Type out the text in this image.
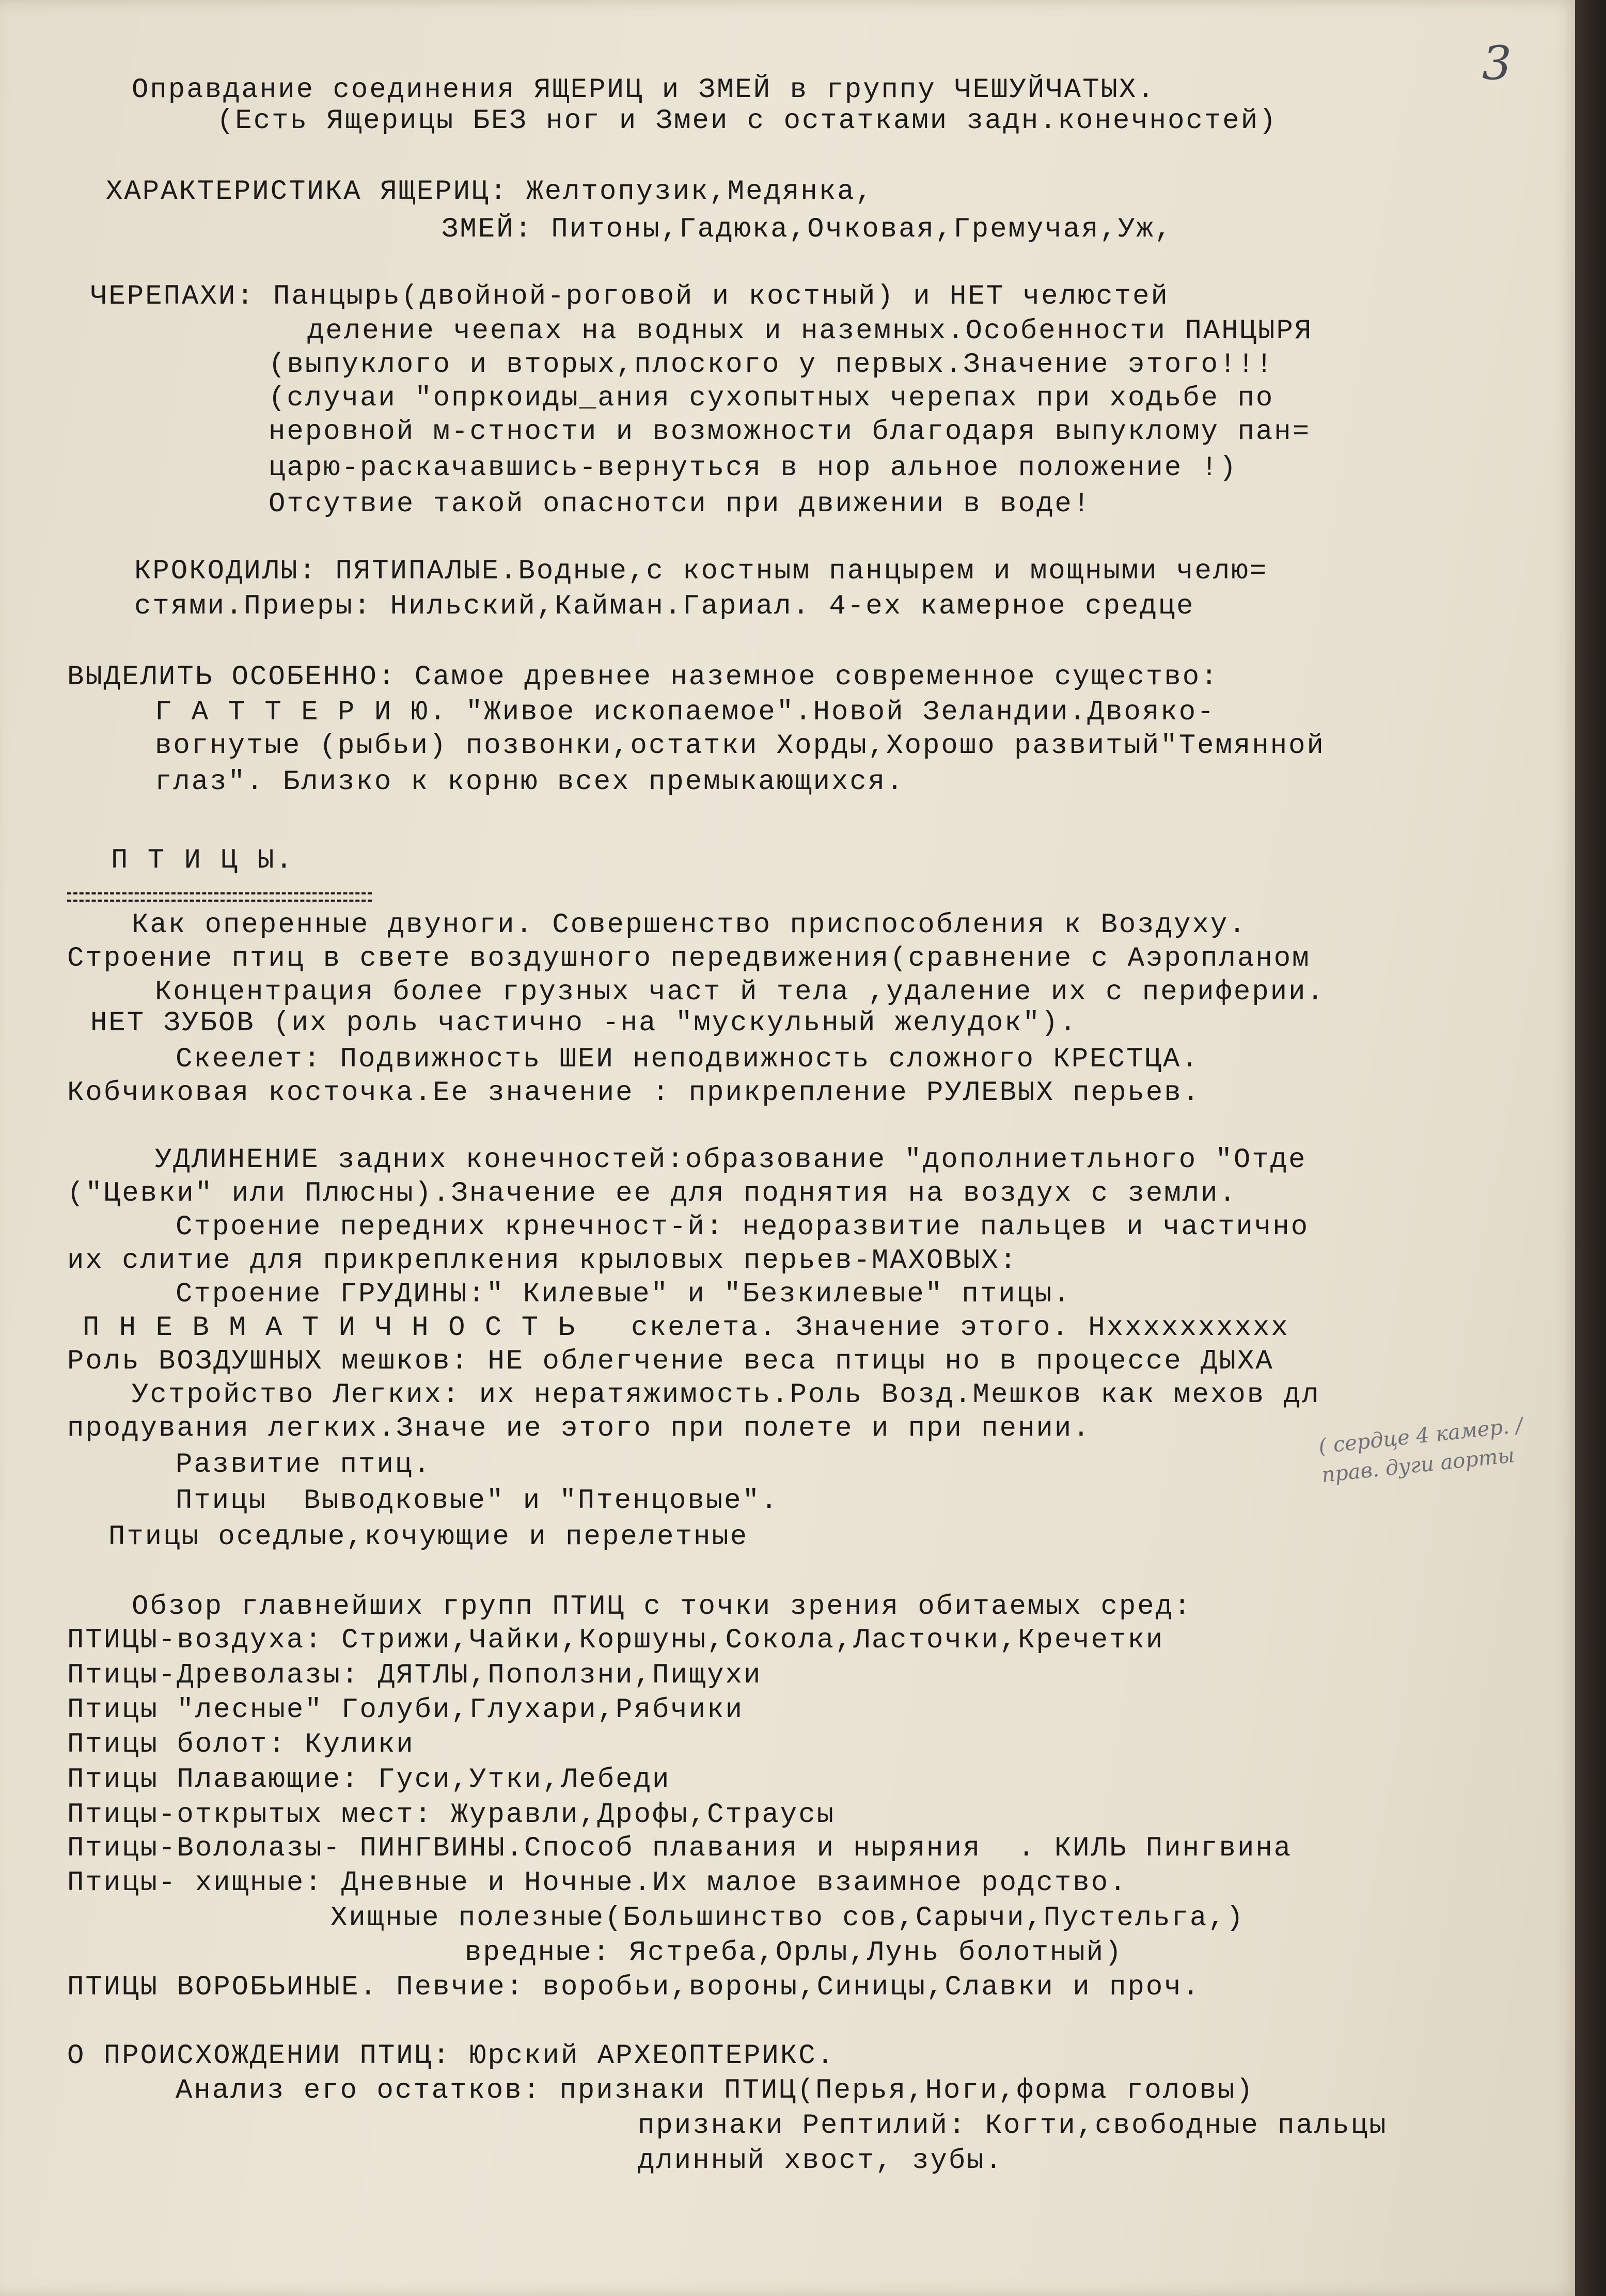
3
Оправдание соединения ЯЩЕРИЦ и ЗМЕЙ в группу ЧЕШУЙЧАТЫХ.
(Есть Ящерицы БЕЗ ног и Змеи с остатками задн.конечностей)
ХАРАКТЕРИСТИКА ЯЩЕРИЦ: Желтопузик,Медянка,
ЗМЕЙ: Питоны,Гадюка,Очковая,Гремучая,Уж,
ЧЕРЕПАХИ: Панцырь(двойной-роговой и костный) и НЕТ челюстей
деление чеепах на водных и наземных.Особенности ПАНЦЫРЯ
(выпуклого и вторых,плоского у первых.Значение этого!!!
(случаи "опркоиды_ания сухопытных черепах при ходьбе по
неровной м-стности и возможности благодаря выпуклому пан=
царю-раскачавшись-вернуться в нор альное положение !)
Отсутвие такой опаснотси при движении в воде!
КРОКОДИЛЫ: ПЯТИПАЛЫЕ.Водные,с костным панцырем и мощными челю=
стями.Приеры: Нильский,Кайман.Гариал. 4-ех камерное средце
ВЫДЕЛИТЬ ОСОБЕННО: Самое древнее наземное современное существо:
Г А Т Т Е Р И Ю. "Живое ископаемое".Новой Зеландии.Двояко-
вогнутые (рыбьи) позвонки,остатки Хорды,Хорошо развитый"Темянной
глаз". Близко к корню всех премыкающихся.
П Т И Ц Ы.
Как оперенные двуноги. Совершенство приспособления к Воздуху.
Строение птиц в свете воздушного передвижения(сравнение с Аэропланом
Концентрация более грузных част й тела ,удаление их с периферии.
НЕТ ЗУБОВ (их роль частично -на "мускульный желудок").
Скеелет: Подвижность ШЕИ неподвижность сложного КРЕСТЦА.
Кобчиковая косточка.Ее значение : прикрепление РУЛЕВЫХ перьев.
УДЛИНЕНИЕ задних конечностей:образование "дополниетльного "Отде
("Цевки" или Плюсны).Значение ее для поднятия на воздух с земли.
Строение передних крнечност-й: недоразвитие пальцев и частично
их слитие для прикреплкения крыловых перьев-МАХОВЫХ:
Строение ГРУДИНЫ:" Килевые" и "Безкилевые" птицы.
П Н Е В М А Т И Ч Н О С Т Ь   скелета. Значение этого. Нхххххххххх
Роль ВОЗДУШНЫХ мешков: НЕ облегчение веса птицы но в процессе ДЫХА
Устройство Легких: их нератяжимость.Роль Возд.Мешков как мехов дл
продувания легких.Значе ие этого при полете и при пении.
Развитие птиц.
Птицы  Выводковые" и "Птенцовые".
Птицы оседлые,кочующие и перелетные
Обзор главнейших групп ПТИЦ с точки зрения обитаемых сред:
ПТИЦЫ-воздуха: Стрижи,Чайки,Коршуны,Сокола,Ласточки,Кречетки
Птицы-Древолазы: ДЯТЛЫ,Поползни,Пищухи
Птицы "лесные" Голуби,Глухари,Рябчики
Птицы болот: Кулики
Птицы Плавающие: Гуси,Утки,Лебеди
Птицы-открытых мест: Журавли,Дрофы,Страусы
Птицы-Вололазы- ПИНГВИНЫ.Способ плавания и ныряния  . КИЛЬ Пингвина
Птицы- хищные: Дневные и Ночные.Их малое взаимное родство.
Хищные полезные(Большинство сов,Сарычи,Пустельга,)
вредные: Ястреба,Орлы,Лунь болотный)
ПТИЦЫ ВОРОБЬИНЫЕ. Певчие: воробьи,вороны,Синицы,Славки и проч.
О ПРОИСХОЖДЕНИИ ПТИЦ: Юрский АРХЕОПТЕРИКС.
Анализ его остатков: признаки ПТИЦ(Перья,Ноги,форма головы)
признаки Рептилий: Когти,свободные пальцы
длинный хвост, зубы.
( сердце 4 камер. / прав. дуги аорты
